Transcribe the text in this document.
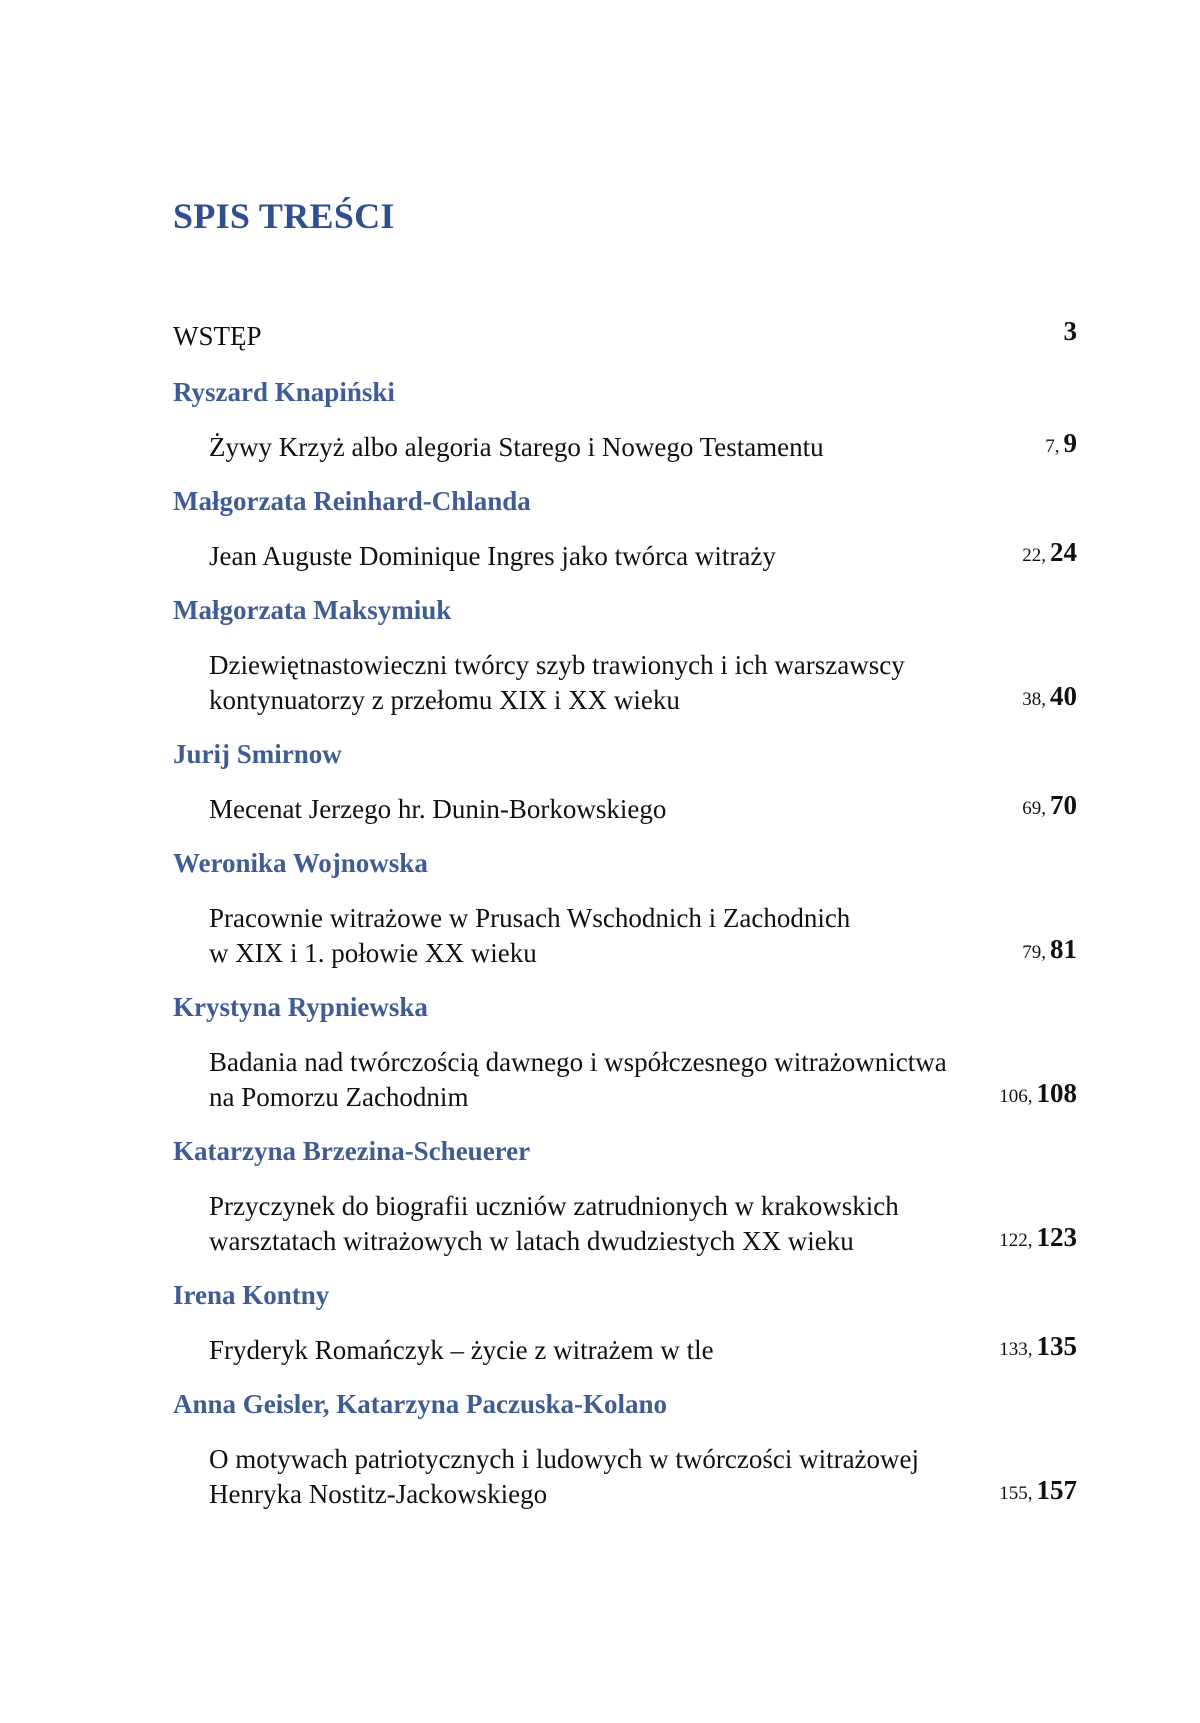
SPIS TREŚCI
WSTĘP	3
Ryszard Knapiński
Żywy Krzyż albo alegoria Starego i Nowego Testamentu	7, 9
Małgorzata Reinhard-Chlanda
Jean Auguste Dominique Ingres jako twórca witraży	22, 24
Małgorzata Maksymiuk
Dziewiętnastowieczni twórcy szyb trawionych i ich warszawscy
kontynuatorzy z przełomu XIX i XX wieku	38, 40
Jurij Smirnow
Mecenat Jerzego hr. Dunin-Borkowskiego	69, 70
Weronika Wojnowska
Pracownie witrażowe w Prusach Wschodnich i Zachodnich
w XIX i 1. połowie XX wieku	79, 81
Krystyna Rypniewska
Badania nad twórczością dawnego i współczesnego witrażownictwa
na Pomorzu Zachodnim	106, 108
Katarzyna Brzezina-Scheuerer
Przyczynek do biografii uczniów zatrudnionych w krakowskich
warsztatach witrażowych w latach dwudziestych XX wieku	122, 123
Irena Kontny
Fryderyk Romańczyk – życie z witrażem w tle	133, 135
Anna Geisler, Katarzyna Paczuska-Kolano
O motywach patriotycznych i ludowych w twórczości witrażowej
Henryka Nostitz-Jackowskiego	155, 157
